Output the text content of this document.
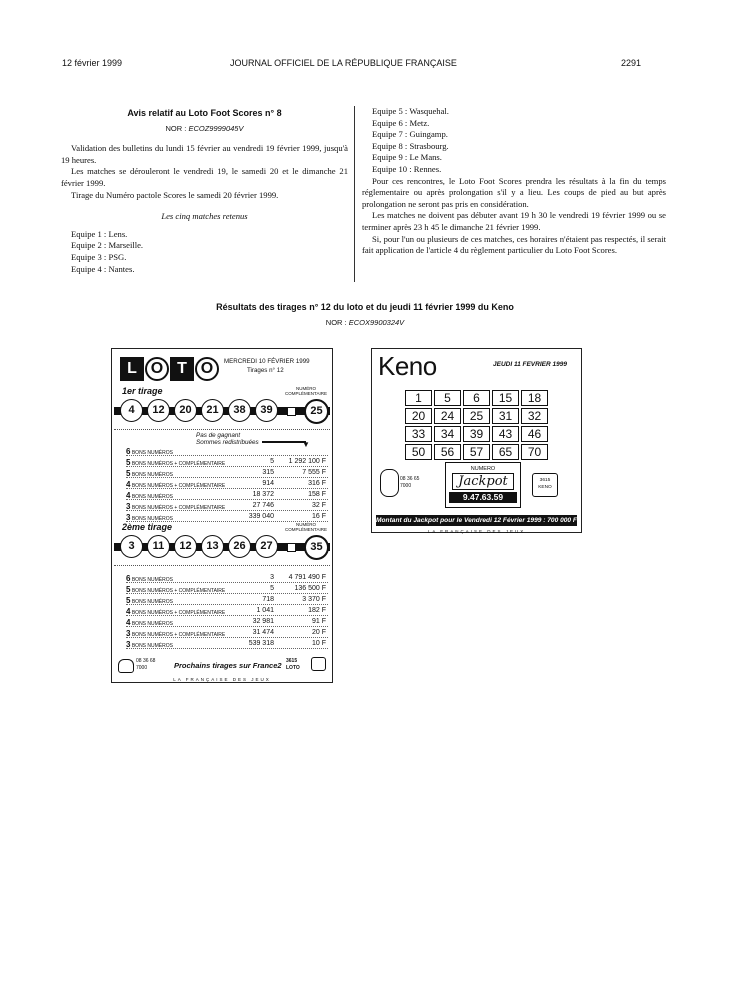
12 février 1999	JOURNAL OFFICIEL DE LA RÉPUBLIQUE FRANÇAISE	2291
Avis relatif au Loto Foot Scores n° 8
NOR : ECOZ9999045V

Validation des bulletins du lundi 15 février au vendredi 19 février 1999, jusqu'à 19 heures.

Les matches se dérouleront le vendredi 19, le samedi 20 et le dimanche 21 février 1999.

Tirage du Numéro pactole Scores le samedi 20 février 1999.

Les cinq matches retenus

Equipe 1 : Lens.

Equipe 2 : Marseille.

Equipe 3 : PSG.

Equipe 4 : Nantes.

Equipe 5 : Wasquehal.

Equipe 6 : Metz.

Equipe 7 : Guingamp.

Equipe 8 : Strasbourg.

Equipe 9 : Le Mans.

Equipe 10 : Rennes.

Pour ces rencontres, le Loto Foot Scores prendra les résultats à la fin du temps réglementaire ou après prolongation s'il y a lieu. Les coups de pied au but après prolongation ne seront pas pris en considération.

Les matches ne doivent pas débuter avant 19 h 30 le vendredi 19 février 1999 ou se terminer après 23 h 45 le dimanche 21 février 1999.

Si, pour l'un ou plusieurs de ces matches, ces horaires n'étaient pas respectés, il serait fait application de l'article 4 du règlement particulier du Loto Foot Scores.

Résultats des tirages n° 12 du loto et du jeudi 11 février 1999 du Keno
NOR : ECOX9900324V
L O T O	MERCREDI 10 FÉVRIER 1999
Tirages n° 12
1er tirage	NUMÉRO COMPLÉMENTAIRE
4	12	20	21	38	39	25
Pas de gagnant
Sommes redistribuées	▼
6 BONS NUMÉROS
5 BONS NUMÉROS + COMPLÉMENTAIRE	5	1 292 100 F
5 BONS NUMÉROS	315	7 555 F
4 BONS NUMÉROS + COMPLÉMENTAIRE	914	316 F
4 BONS NUMÉROS	18 372	158 F
3 BONS NUMÉROS + COMPLÉMENTAIRE	27 746	32 F
3 BONS NUMÉROS	339 040	16 F
2ème tirage	NUMÉRO COMPLÉMENTAIRE
3	11	12	13	26	27	35
6 BONS NUMÉROS	3	4 791 490 F
5 BONS NUMÉROS + COMPLÉMENTAIRE	5	136 500 F
5 BONS NUMÉROS	718	3 370 F
4 BONS NUMÉROS + COMPLÉMENTAIRE	1 041	182 F
4 BONS NUMÉROS	32 981	91 F
3 BONS NUMÉROS + COMPLÉMENTAIRE	31 474	20 F
3 BONS NUMÉROS	539 318	10 F
08 36 68 7000	Prochains tirages sur France2 3615 LOTO
LA FRANÇAISE DES JEUX
Keno	JEUDI 11 FEVRIER 1999
1	5	6	15	18
20	24	25	31	32
33	34	39	43	46
50	56	57	65	70
08 36 65 7000
NUMERO
Jackpot
9.47.63.59
3615 KENO
Montant du Jackpot pour le Vendredi 12 Février 1999 : 700 000 F
LA FRANÇAISE DES JEUX
